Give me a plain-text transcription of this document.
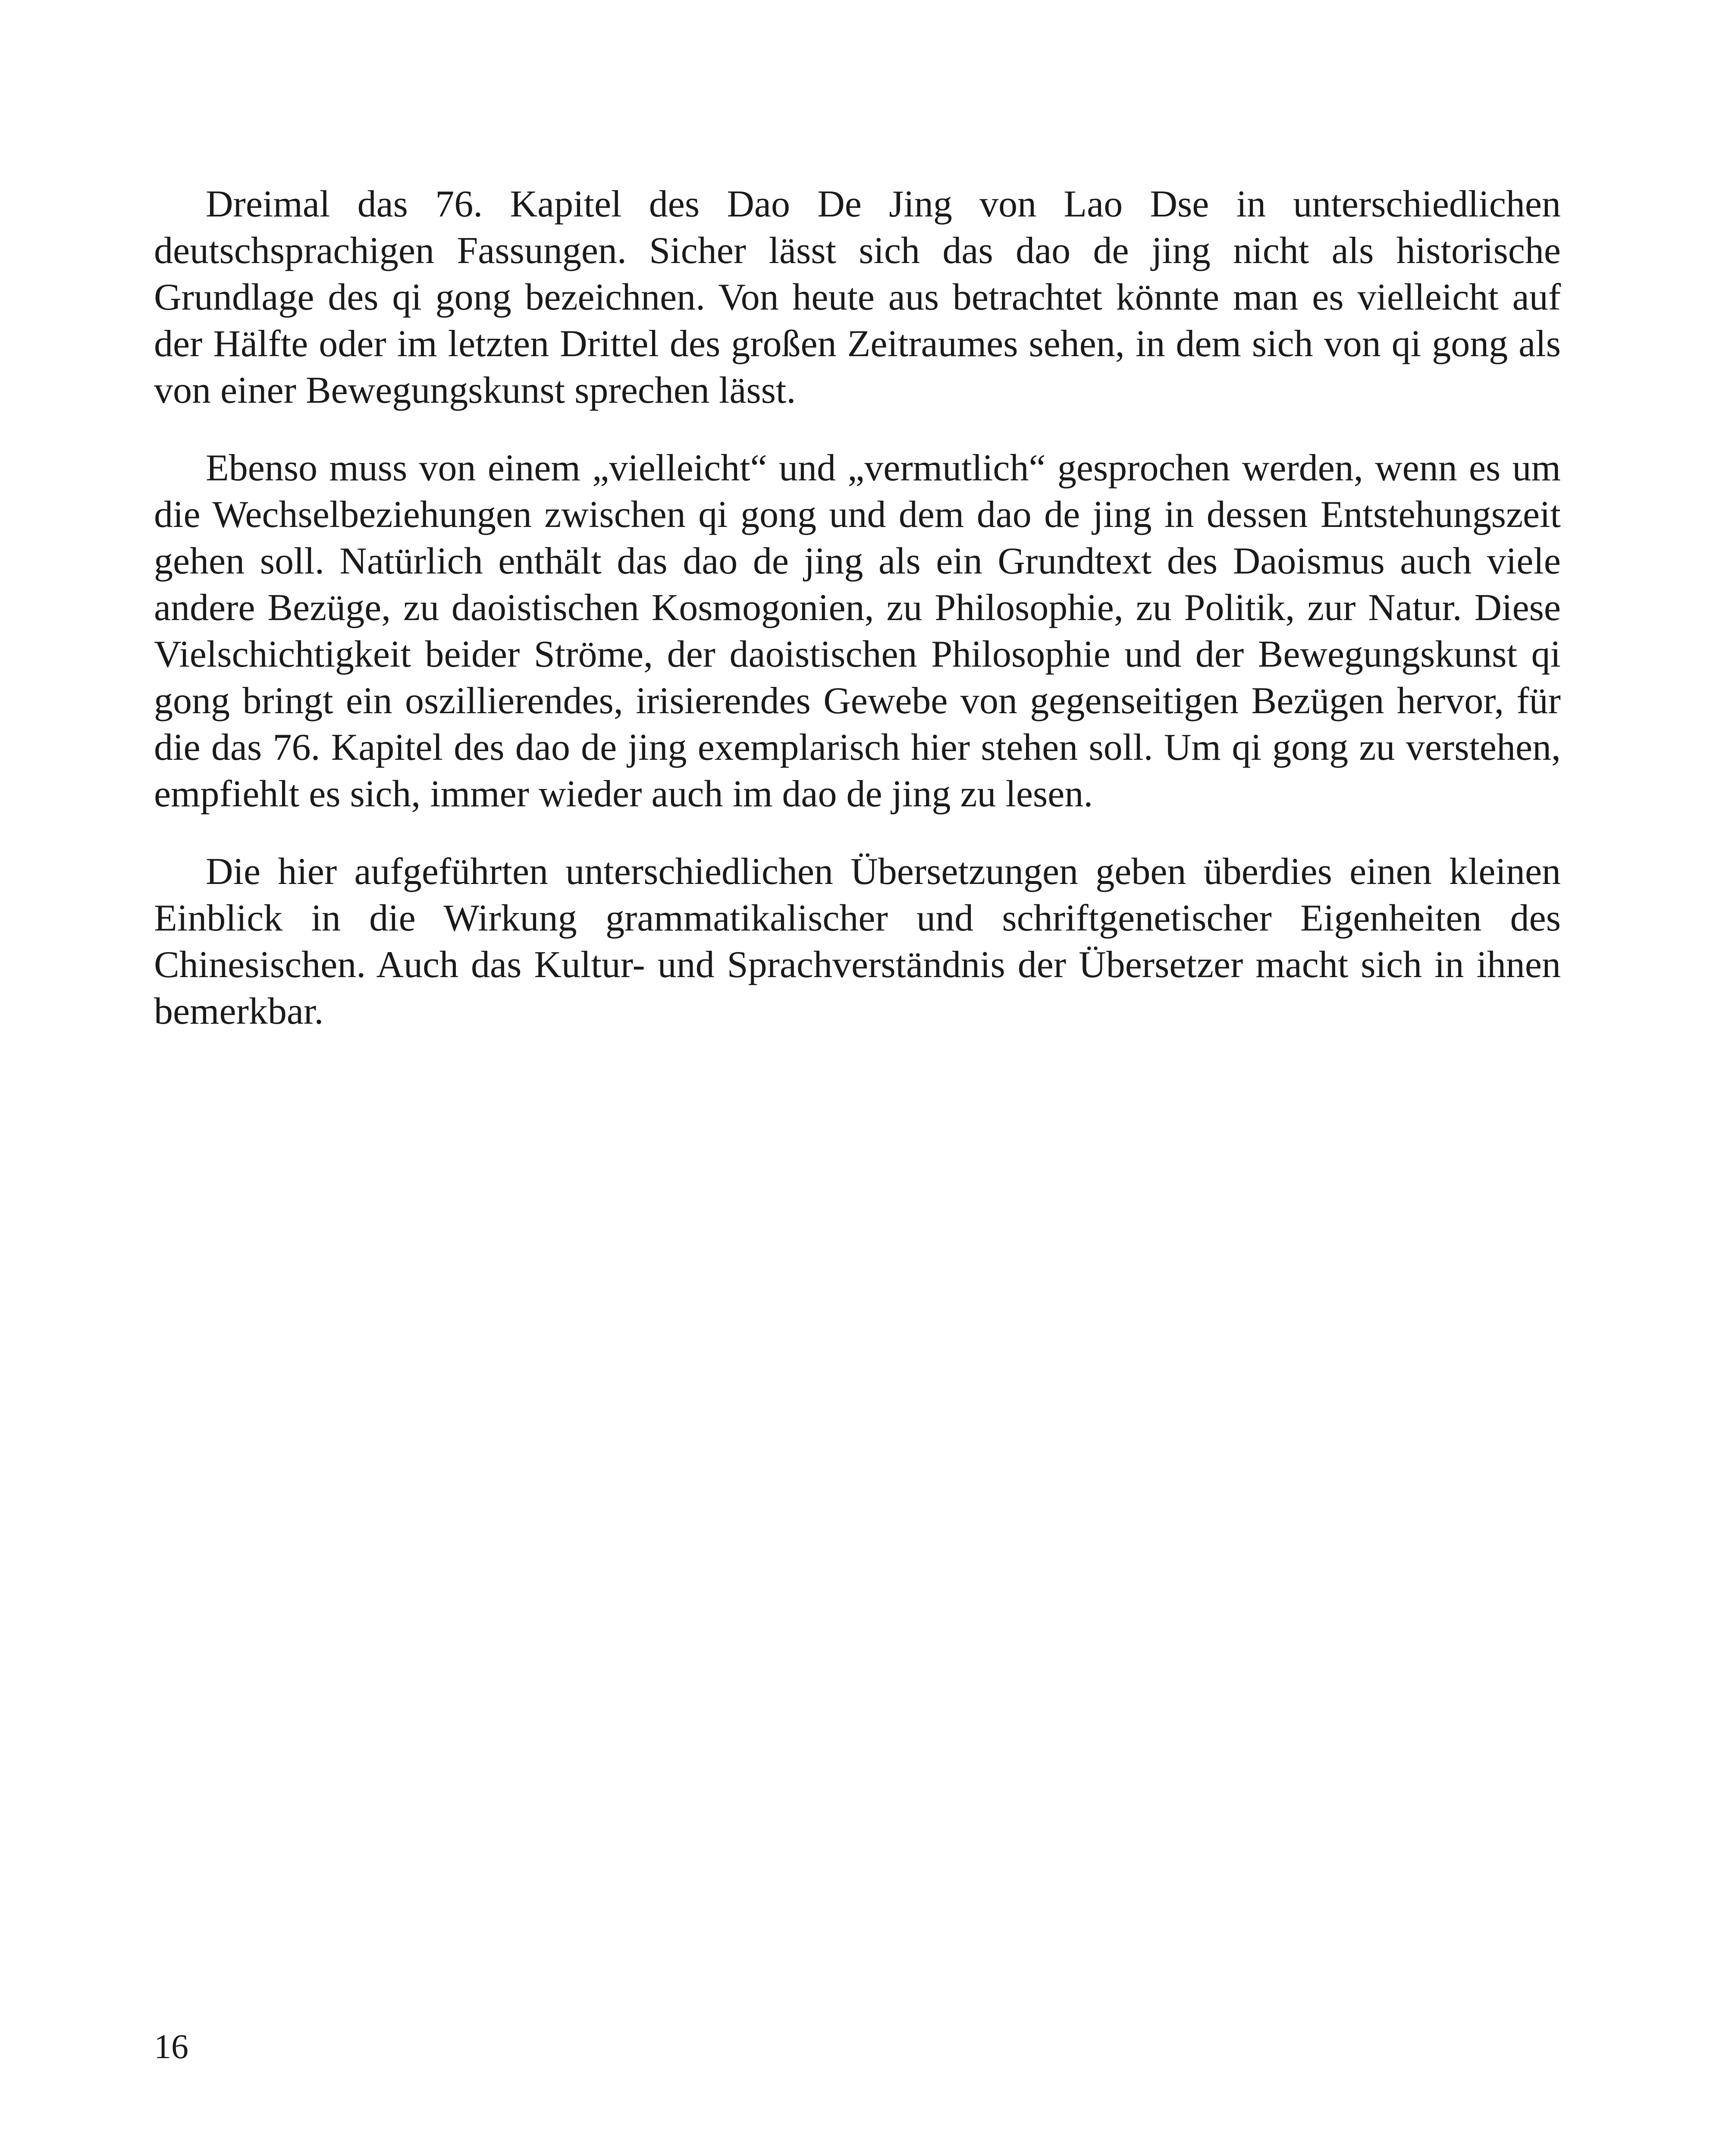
Dreimal das 76. Kapitel des Dao De Jing von Lao Dse in unterschiedlichen deutschsprachigen Fassungen. Sicher lässt sich das dao de jing nicht als historische Grundlage des qi gong bezeichnen. Von heute aus betrachtet könnte man es vielleicht auf der Hälfte oder im letzten Drittel des großen Zeitraumes sehen, in dem sich von qi gong als von einer Bewegungskunst sprechen lässt.

Ebenso muss von einem „vielleicht“ und „vermutlich“ gesprochen werden, wenn es um die Wechselbeziehungen zwischen qi gong und dem dao de jing in dessen Entstehungszeit gehen soll. Natürlich enthält das dao de jing als ein Grundtext des Daoismus auch viele andere Bezüge, zu daoistischen Kosmogonien, zu Philosophie, zu Politik, zur Natur. Diese Vielschichtigkeit beider Ströme, der daoistischen Philosophie und der Bewegungskunst qi gong bringt ein oszillierendes, irisierendes Gewebe von gegenseitigen Bezügen hervor, für die das 76. Kapitel des dao de jing exemplarisch hier stehen soll. Um qi gong zu verstehen, empfiehlt es sich, immer wieder auch im dao de jing zu lesen.

Die hier aufgeführten unterschiedlichen Übersetzungen geben überdies einen kleinen Einblick in die Wirkung grammatikalischer und schriftgenetischer Eigenheiten des Chinesischen. Auch das Kultur- und Sprachverständnis der Übersetzer macht sich in ihnen bemerkbar.

16
